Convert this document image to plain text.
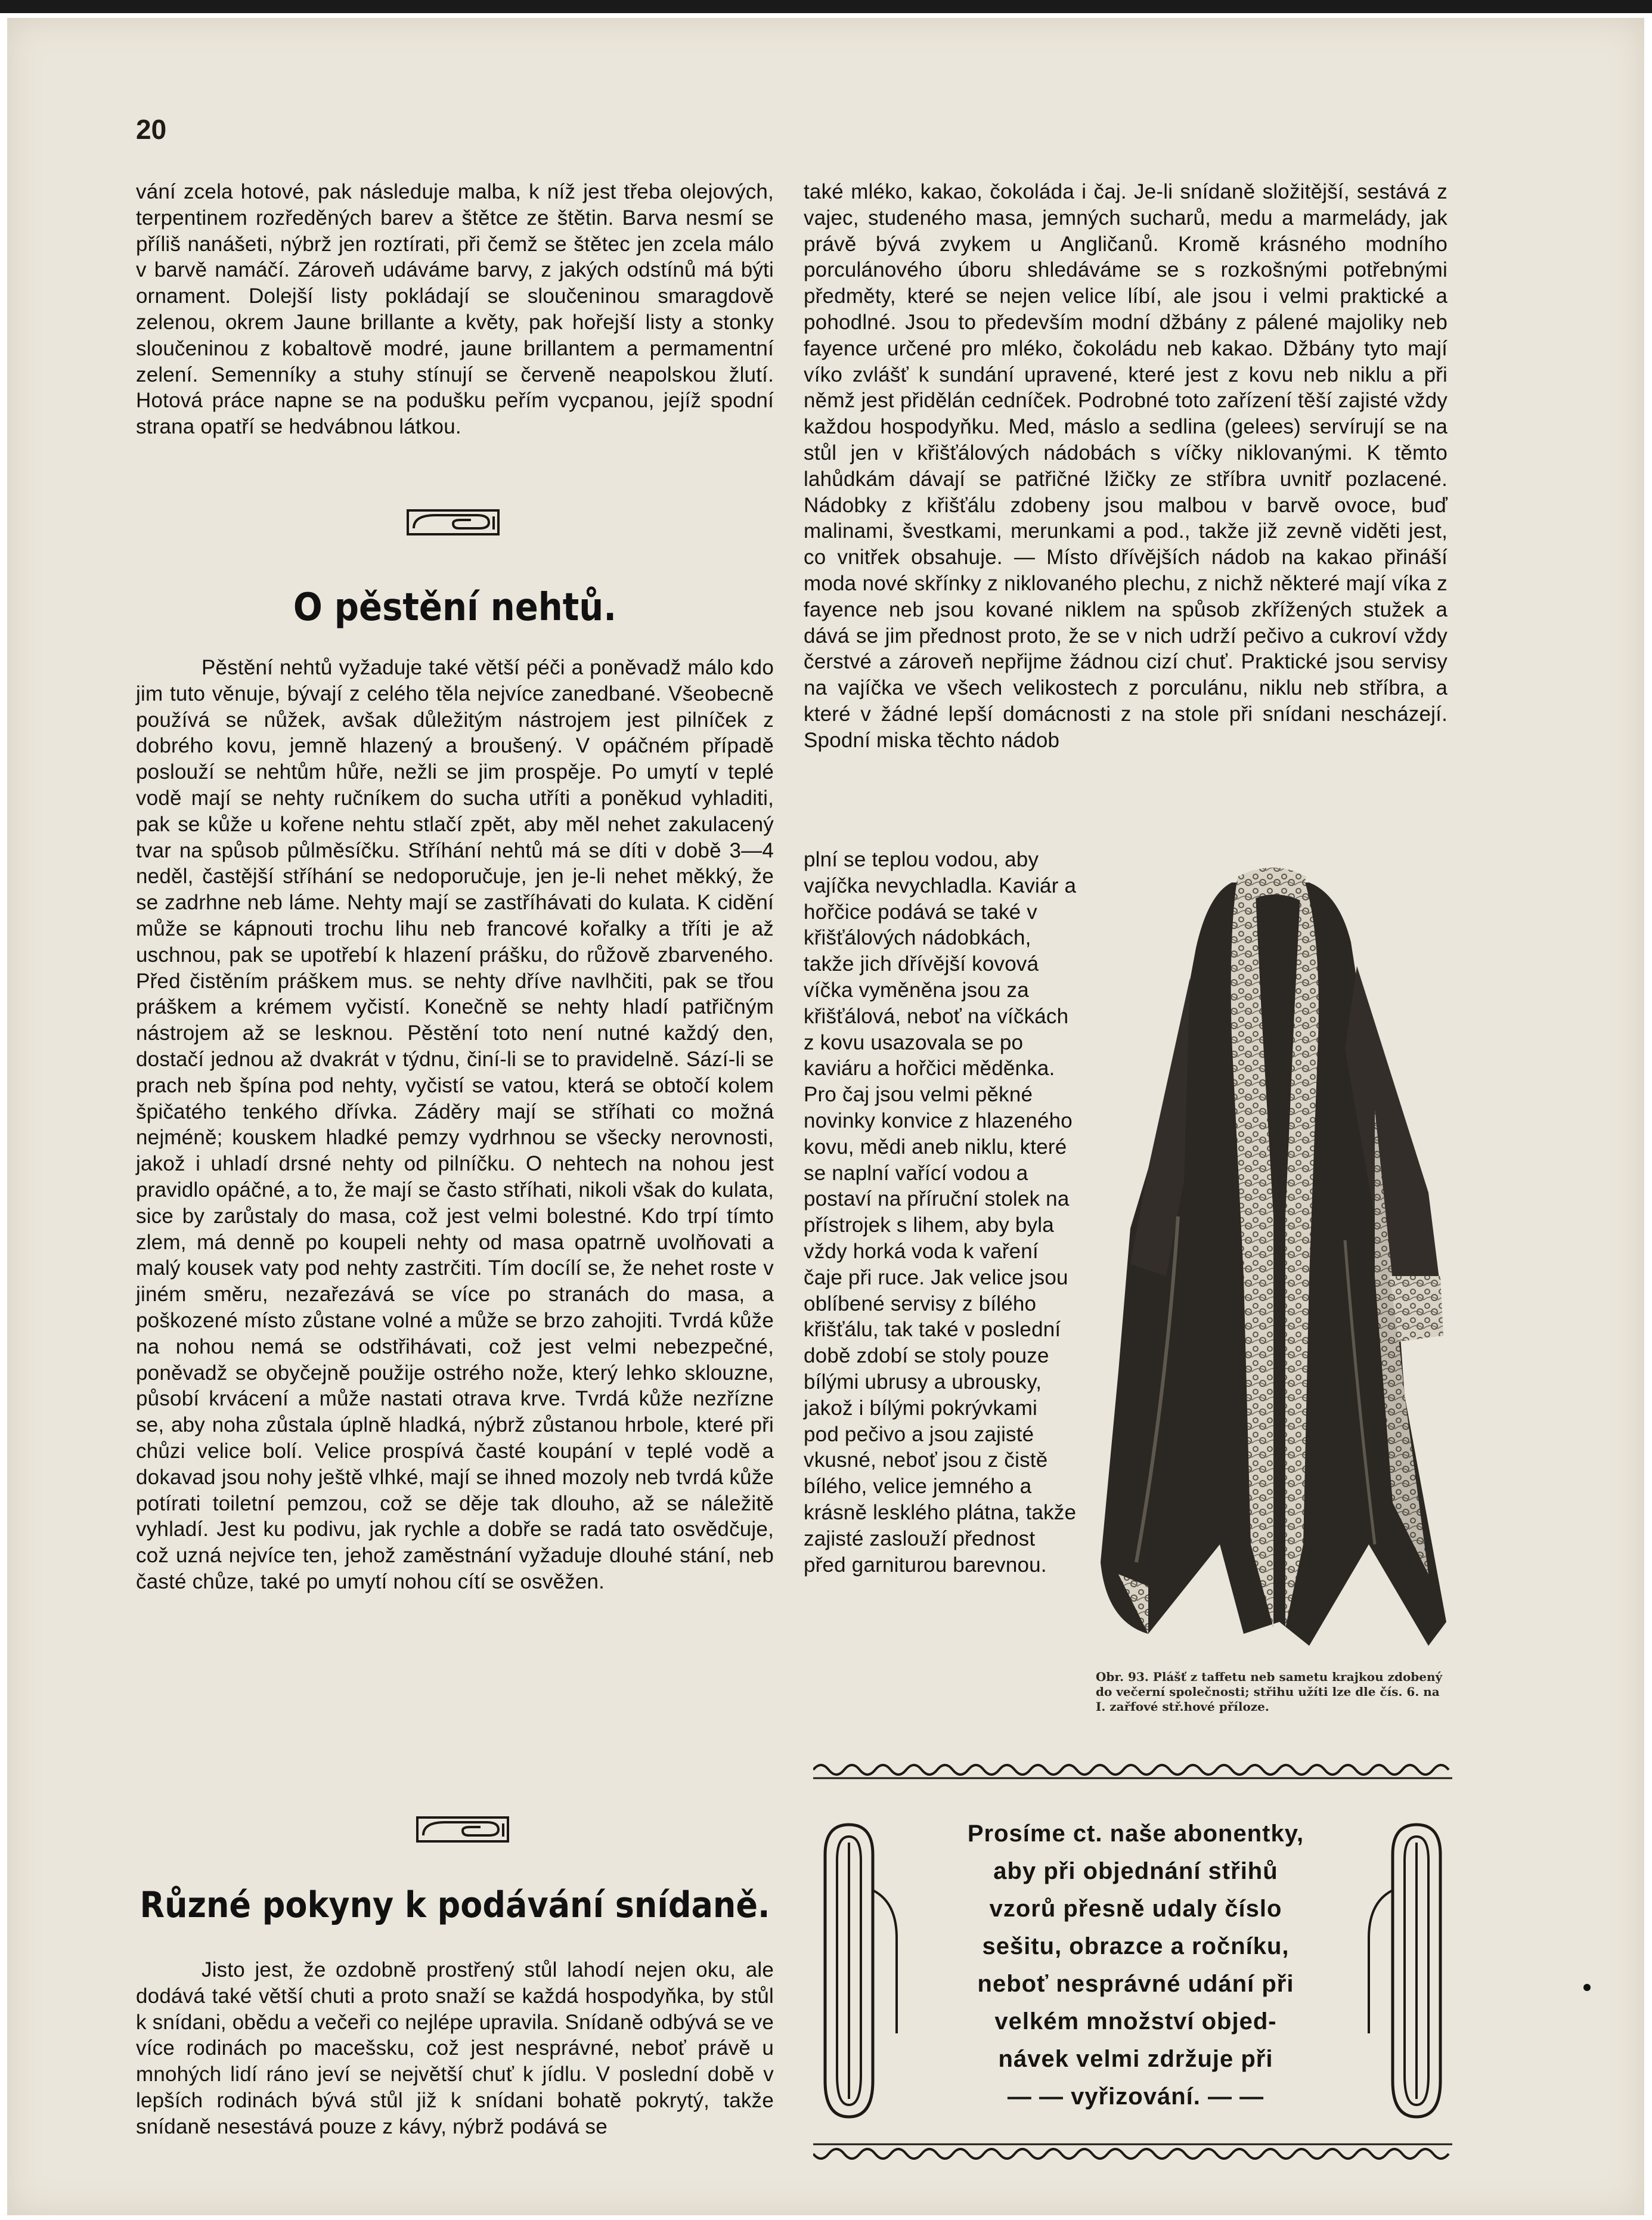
20

vání zcela hotové, pak následuje malba, k níž jest třeba olejových, terpentinem rozředěných barev a štětce ze štětin. Barva nesmí se příliš nanášeti, nýbrž jen roztírati, při čemž se štětec jen zcela málo v barvě namáčí. Zároveň udáváme barvy, z jakých odstínů má býti ornament. Dolejší listy pokládají se sloučeninou smaragdově zelenou, okrem Jaune brillante a květy, pak hořejší listy a stonky sloučeninou z kobaltově modré, jaune brillantem a permamentní zelení. Semenníky a stuhy stínují se červeně neapolskou žlutí. Hotová práce napne se na podušku peřím vycpanou, jejíž spodní strana opatří se hedvábnou látkou.

O pěstění nehtů.

Pěstění nehtů vyžaduje také větší péči a poněvadž málo kdo jim tuto věnuje, bývají z celého těla nejvíce zanedbané. Všeobecně používá se nůžek, avšak důležitým nástrojem jest pilníček z dobrého kovu, jemně hlazený a broušený. V opáčném případě poslouží se nehtům hůře, nežli se jim prospěje. Po umytí v teplé vodě mají se nehty ručníkem do sucha utříti a poněkud vyhladiti, pak se kůže u kořene nehtu stlačí zpět, aby měl nehet zakulacený tvar na spůsob půlměsíčku. Stříhání nehtů má se díti v době 3—4 neděl, častější stříhání se nedoporučuje, jen je-li nehet měkký, že se zadrhne neb láme. Nehty mají se zastříhávati do kulata. K cidění může se kápnouti trochu lihu neb francové kořalky a tříti je až uschnou, pak se upotřebí k hlazení prášku, do růžově zbarveného. Před čistěním práškem mus. se nehty dříve navlhčiti, pak se třou práškem a krémem vyčistí. Konečně se nehty hladí patřičným nástrojem až se lesknou. Pěstění toto není nutné každý den, dostačí jednou až dvakrát v týdnu, činí-li se to pravidelně. Sází-li se prach neb špína pod nehty, vyčistí se vatou, která se obtočí kolem špičatého tenkého dřívka. Záděry mají se stříhati co možná nejméně; kouskem hladké pemzy vydrhnou se všecky nerovnosti, jakož i uhladí drsné nehty od pilníčku. O nehtech na nohou jest pravidlo opáčné, a to, že mají se často stříhati, nikoli však do kulata, sice by zarůstaly do masa, což jest velmi bolestné. Kdo trpí tímto zlem, má denně po koupeli nehty od masa opatrně uvolňovati a malý kousek vaty pod nehty zastrčiti. Tím docílí se, že nehet roste v jiném směru, nezařezává se více po stranách do masa, a poškozené místo zůstane volné a může se brzo zahojiti. Tvrdá kůže na nohou nemá se odstřihávati, což jest velmi nebezpečné, poněvadž se obyčejně použije ostrého nože, který lehko sklouzne, působí krvácení a může nastati otrava krve. Tvrdá kůže nezřízne se, aby noha zůstala úplně hladká, nýbrž zůstanou hrbole, které při chůzi velice bolí. Velice prospívá časté koupání v teplé vodě a dokavad jsou nohy ještě vlhké, mají se ihned mozoly neb tvrdá kůže potírati toiletní pemzou, což se děje tak dlouho, až se náležitě vyhladí. Jest ku podivu, jak rychle a dobře se radá tato osvědčuje, což uzná nejvíce ten, jehož zaměstnání vyžaduje dlouhé stání, neb časté chůze, také po umytí nohou cítí se osvěžen.

Různé pokyny k podávání snídaně.

Jisto jest, že ozdobně prostřený stůl lahodí nejen oku, ale dodává také větší chuti a proto snaží se každá hospodyňka, by stůl k snídani, obědu a večeři co nejlépe upravila. Snídaně odbývá se ve více rodinách po macešsku, což jest nesprávné, neboť právě u mnohých lidí ráno jeví se největší chuť k jídlu. V poslední době v lepších rodinách bývá stůl již k snídani bohatě pokrytý, takže snídaně nesestává pouze z kávy, nýbrž podává se

také mléko, kakao, čokoláda i čaj. Je-li snídaně složitější, sestává z vajec, studeného masa, jemných sucharů, medu a marmelády, jak právě bývá zvykem u Angličanů. Kromě krásného modního porculánového úboru shledáváme se s rozkošnými potřebnými předměty, které se nejen velice líbí, ale jsou i velmi praktické a pohodlné. Jsou to především modní džbány z pálené majoliky neb fayence určené pro mléko, čokoládu neb kakao. Džbány tyto mají víko zvlášť k sundání upravené, které jest z kovu neb niklu a při němž jest přidělán cedníček. Podrobné toto zařízení těší zajisté vždy každou hospodyňku. Med, máslo a sedlina (gelees) servírují se na stůl jen v křišťálových nádobách s víčky niklovanými. K těmto lahůdkám dávají se patřičné lžičky ze stříbra uvnitř pozlacené. Nádobky z křišťálu zdobeny jsou malbou v barvě ovoce, buď malinami, švestkami, merunkami a pod., takže již zevně viděti jest, co vnitřek obsahuje. — Místo dřívějších nádob na kakao přináší moda nové skřínky z niklovaného plechu, z nichž některé mají víka z fayence neb jsou kované niklem na spůsob zkřížených stužek a dává se jim přednost proto, že se v nich udrží pečivo a cukroví vždy čerstvé a zároveň nepřijme žádnou cizí chuť. Praktické jsou servisy na vajíčka ve všech velikostech z porculánu, niklu neb stříbra, a které v žádné lepší domácnosti z na stole při snídani nescházejí. Spodní miska těchto nádob

plní se teplou vodou, aby vajíčka nevychladla. Kaviár a hořčice podává se také v křišťálových nádobkách, takže jich dřívější kovová víčka vyměněna jsou za křišťálová, neboť na víčkách z kovu usazovala se po kaviáru a hořčici měděnka. Pro čaj jsou velmi pěkné novinky konvice z hlazeného kovu, mědi aneb niklu, které se naplní vařící vodou a postaví na příruční stolek na přístrojek s lihem, aby byla vždy horká voda k vaření čaje při ruce. Jak velice jsou oblíbené servisy z bílého křišťálu, tak také v poslední době zdobí se stoly pouze bílými ubrusy a ubrousky, jakož i bílými pokrývkami pod pečivo a jsou zajisté vkusné, neboť jsou z čistě bílého, velice jemného a krásně lesklého plátna, takže zajisté zaslouží přednost před garniturou barevnou.

Obr. 93. Plášť z taffetu neb sametu krajkou zdobený do večerní společnosti; střihu užíti lze dle čís. 6. na I. zařfové stř.hové příloze.
Prosíme ct. naše abonentky,
aby při objednání střihů
vzorů přesně udaly číslo
sešitu, obrazce a ročníku,
neboť nesprávné udání při
velkém množství objed-
návek velmi zdržuje při
— — vyřizování. — —
